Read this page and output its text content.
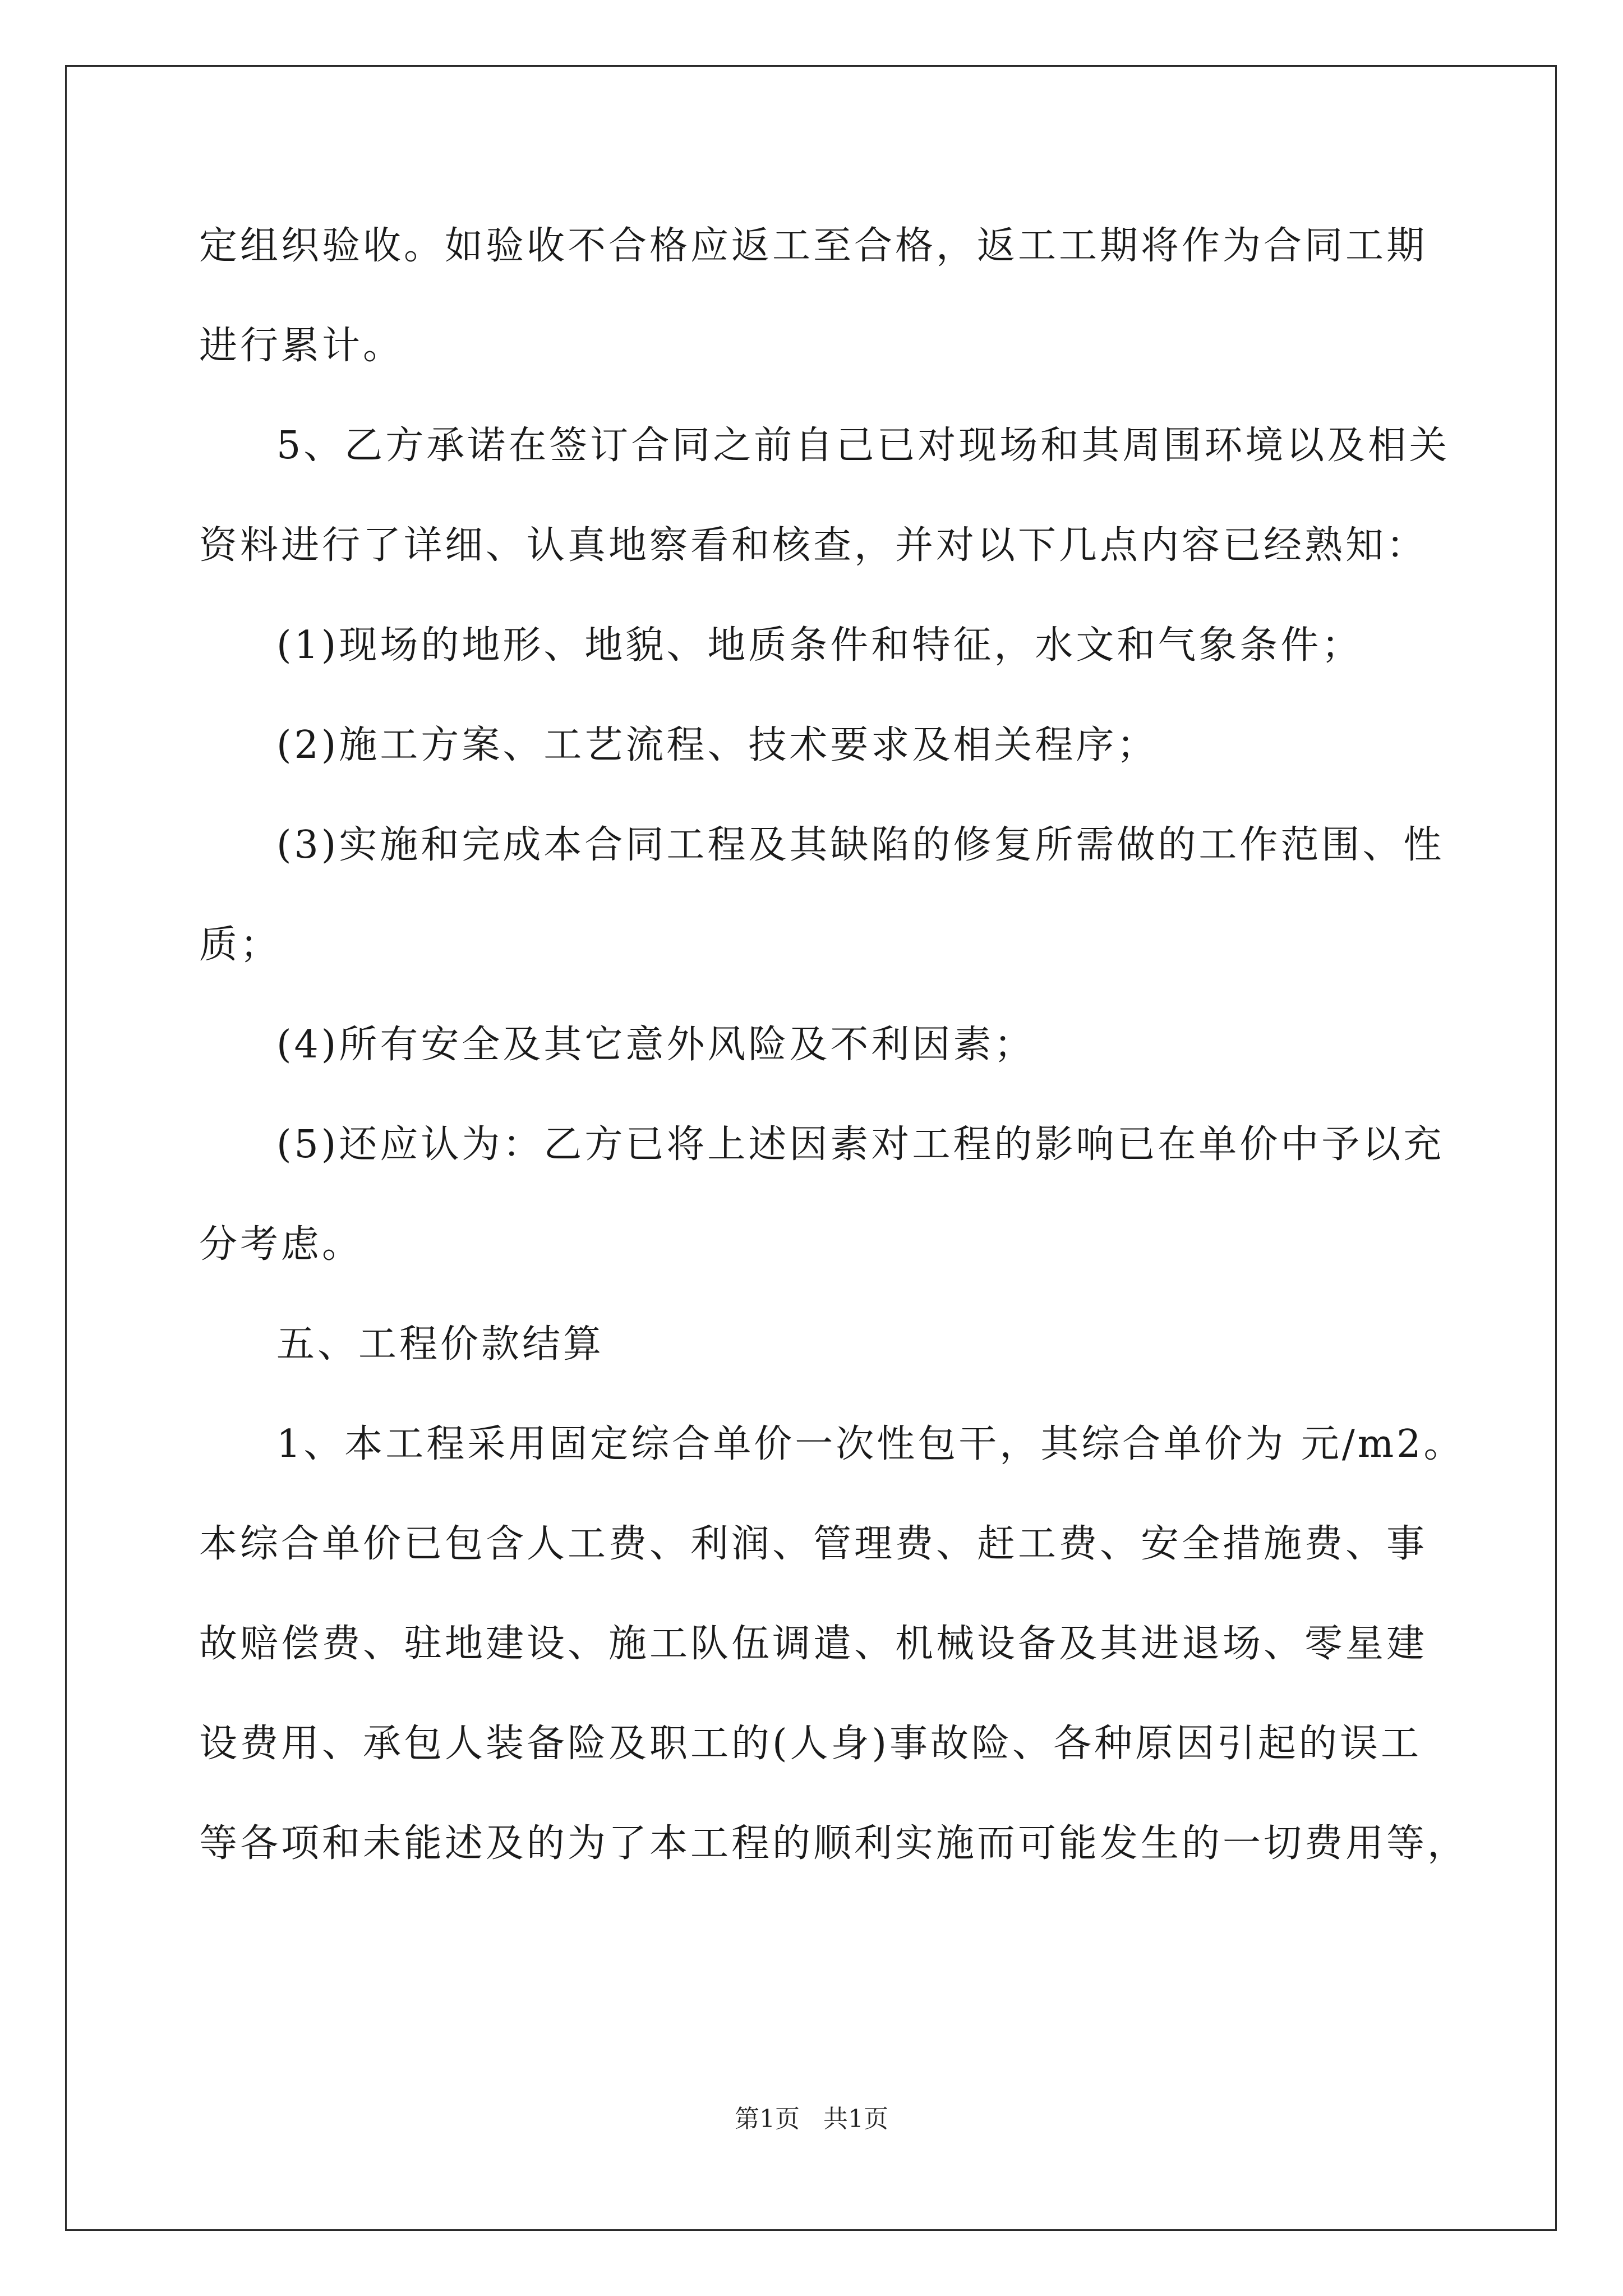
定组织验收。如验收不合格应返工至合格，返工工期将作为合同工期
进行累计。
5、乙方承诺在签订合同之前自己已对现场和其周围环境以及相关
资料进行了详细、认真地察看和核查，并对以下几点内容已经熟知：
(1)现场的地形、地貌、地质条件和特征，水文和气象条件；
(2)施工方案、工艺流程、技术要求及相关程序；
(3)实施和完成本合同工程及其缺陷的修复所需做的工作范围、性
质；
(4)所有安全及其它意外风险及不利因素；
(5)还应认为：乙方已将上述因素对工程的影响已在单价中予以充
分考虑。
五、工程价款结算
1、本工程采用固定综合单价一次性包干，其综合单价为 元/m2。
本综合单价已包含人工费、利润、管理费、赶工费、安全措施费、事
故赔偿费、驻地建设、施工队伍调遣、机械设备及其进退场、零星建
设费用、承包人装备险及职工的(人身)事故险、各种原因引起的误工
等各项和未能述及的为了本工程的顺利实施而可能发生的一切费用等，
第1页 共1页
